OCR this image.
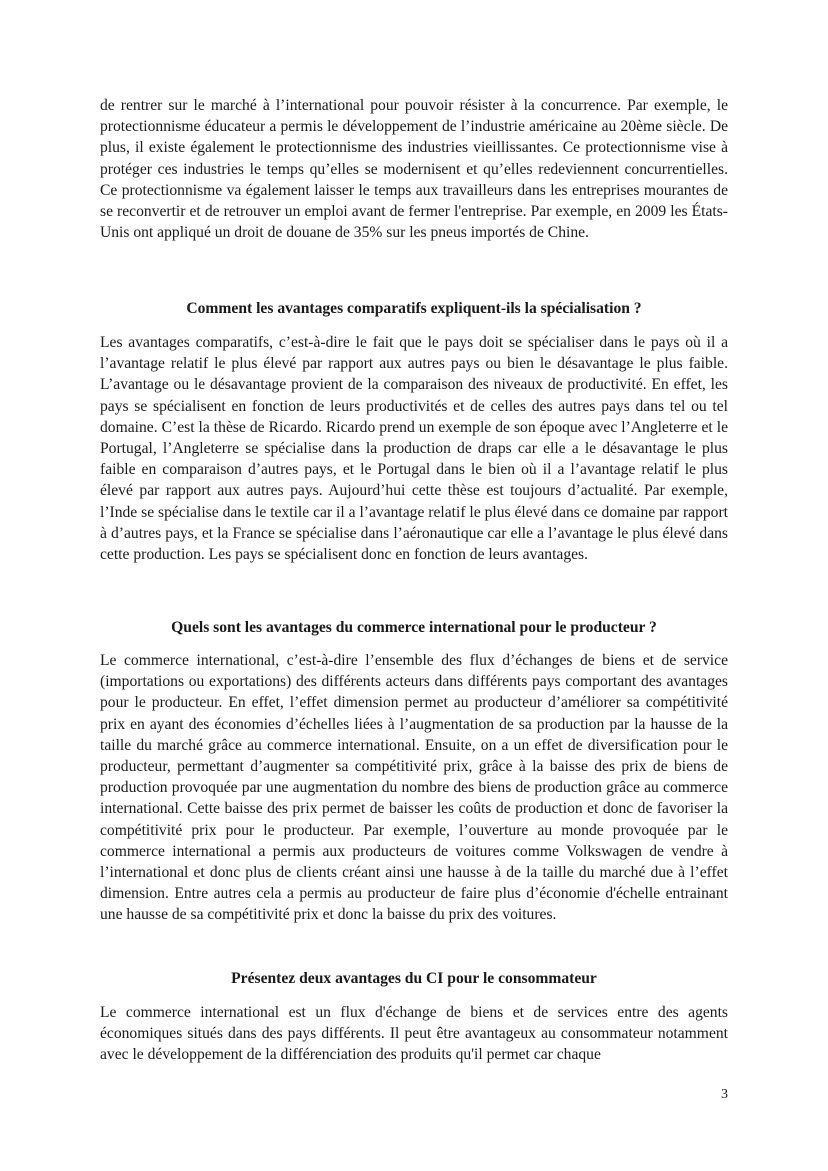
de rentrer sur le marché à l’international pour pouvoir résister à la concurrence. Par exemple, le protectionnisme éducateur a permis le développement de l’industrie américaine au 20ème siècle. De plus, il existe également le protectionnisme des industries vieillissantes. Ce protectionnisme vise à protéger ces industries le temps qu’elles se modernisent et qu’elles redeviennent concurrentielles. Ce protectionnisme va également laisser le temps aux travailleurs dans les entreprises mourantes de se reconvertir et de retrouver un emploi avant de fermer l'entreprise. Par exemple, en 2009 les États-Unis ont appliqué un droit de douane de 35% sur les pneus importés de Chine.

Comment les avantages comparatifs expliquent-ils la spécialisation ?

Les avantages comparatifs, c’est-à-dire le fait que le pays doit se spécialiser dans le pays où il a l’avantage relatif le plus élevé par rapport aux autres pays ou bien le désavantage le plus faible. L’avantage ou le désavantage provient de la comparaison des niveaux de productivité. En effet, les pays se spécialisent en fonction de leurs productivités et de celles des autres pays dans tel ou tel domaine. C’est la thèse de Ricardo. Ricardo prend un exemple de son époque avec l’Angleterre et le Portugal, l’Angleterre se spécialise dans la production de draps car elle a le désavantage le plus faible en comparaison d’autres pays, et le Portugal dans le bien où il a l’avantage relatif le plus élevé par rapport aux autres pays. Aujourd’hui cette thèse est toujours d’actualité. Par exemple, l’Inde se spécialise dans le textile car il a l’avantage relatif le plus élevé dans ce domaine par rapport à d’autres pays, et la France se spécialise dans l’aéronautique car elle a l’avantage le plus élevé dans cette production. Les pays se spécialisent donc en fonction de leurs avantages.

Quels sont les avantages du commerce international pour le producteur ?

Le commerce international, c’est-à-dire l’ensemble des flux d’échanges de biens et de service (importations ou exportations) des différents acteurs dans différents pays comportant des avantages pour le producteur. En effet, l’effet dimension permet au producteur d’améliorer sa compétitivité prix en ayant des économies d’échelles liées à l’augmentation de sa production par la hausse de la taille du marché grâce au commerce international. Ensuite, on a un effet de diversification pour le producteur, permettant d’augmenter sa compétitivité prix, grâce à la baisse des prix de biens de production provoquée par une augmentation du nombre des biens de production grâce au commerce international. Cette baisse des prix permet de baisser les coûts de production et donc de favoriser la compétitivité prix pour le producteur. Par exemple, l’ouverture au monde provoquée par le commerce international a permis aux producteurs de voitures comme Volkswagen de vendre à l’international et donc plus de clients créant ainsi une hausse à de la taille du marché due à l’effet dimension. Entre autres cela a permis au producteur de faire plus d’économie d'échelle entrainant une hausse de sa compétitivité prix et donc la baisse du prix des voitures.

Présentez deux avantages du CI pour le consommateur

Le commerce international est un flux d'échange de biens et de services entre des agents économiques situés dans des pays différents. Il peut être avantageux au consommateur notamment avec le développement de la différenciation des produits qu'il permet car chaque

3
